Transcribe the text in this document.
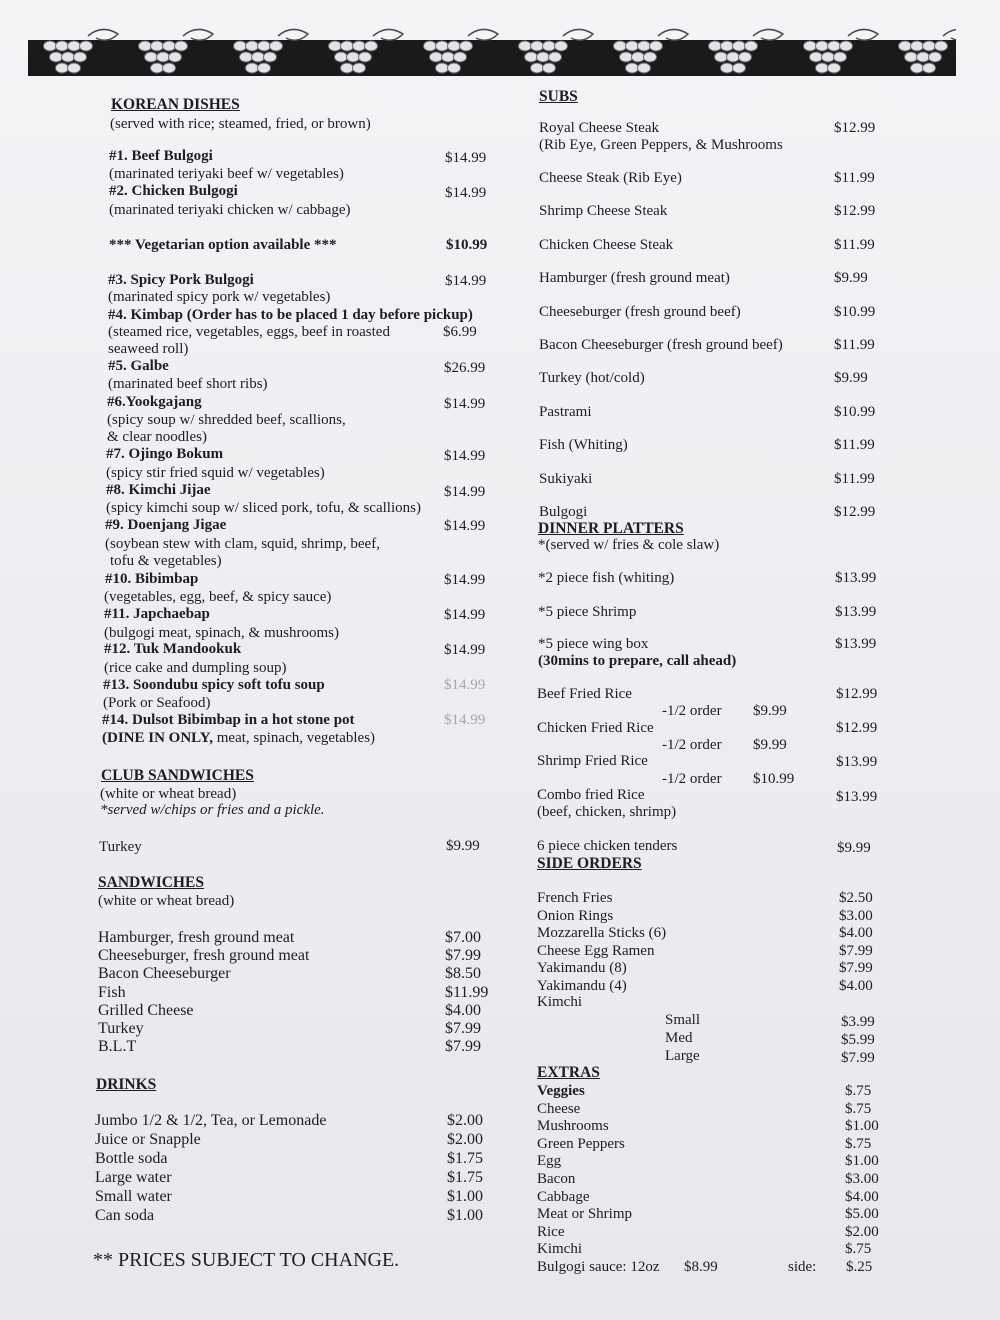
KOREAN DISHES
(served with rice; steamed, fried, or brown)
#1. Beef Bulgogi	$14.99
(marinated teriyaki beef w/ vegetables)
#2. Chicken Bulgogi	$14.99
(marinated teriyaki chicken w/ cabbage)
*** Vegetarian option available ***	$10.99
#3. Spicy Pork Bulgogi	$14.99
(marinated spicy pork w/ vegetables)
#4. Kimbap (Order has to be placed 1 day before pickup)
(steamed rice, vegetables, eggs, beef in roasted	$6.99
seaweed roll)
#5. Galbe	$26.99
(marinated beef short ribs)
#6.Yookgajang	$14.99
(spicy soup w/ shredded beef, scallions,
& clear noodles)
#7. Ojingo Bokum	$14.99
(spicy stir fried squid w/ vegetables)
#8. Kimchi Jijae	$14.99
(spicy kimchi soup w/ sliced pork, tofu, & scallions)
#9. Doenjang Jigae	$14.99
(soybean stew with clam, squid, shrimp, beef,
tofu & vegetables)
#10. Bibimbap	$14.99
(vegetables, egg, beef, & spicy sauce)
#11. Japchaebap	$14.99
(bulgogi meat, spinach, & mushrooms)
#12. Tuk Mandookuk	$14.99
(rice cake and dumpling soup)
#13. Soondubu spicy soft tofu soup	$14.99
(Pork or Seafood)
#14. Dulsot Bibimbap in a hot stone pot	$14.99
(DINE IN ONLY, meat, spinach, vegetables)
CLUB SANDWICHES
(white or wheat bread)
*served w/chips or fries and a pickle.
Turkey	$9.99
SANDWICHES
(white or wheat bread)
Hamburger, fresh ground meat	$7.00
Cheeseburger, fresh ground meat	$7.99
Bacon Cheeseburger	$8.50
Fish	$11.99
Grilled Cheese	$4.00
Turkey	$7.99
B.L.T	$7.99
DRINKS
Jumbo 1/2 & 1/2, Tea, or Lemonade	$2.00
Juice or Snapple	$2.00
Bottle soda	$1.75
Large water	$1.75
Small water	$1.00
Can soda	$1.00
** PRICES SUBJECT TO CHANGE.
SUBS
Royal Cheese Steak	$12.99
(Rib Eye, Green Peppers, & Mushrooms
Cheese Steak (Rib Eye)	$11.99
Shrimp Cheese Steak	$12.99
Chicken Cheese Steak	$11.99
Hamburger (fresh ground meat)	$9.99
Cheeseburger (fresh ground beef)	$10.99
Bacon Cheeseburger (fresh ground beef)	$11.99
Turkey (hot/cold)	$9.99
Pastrami	$10.99
Fish (Whiting)	$11.99
Sukiyaki	$11.99
Bulgogi	$12.99
DINNER PLATTERS
*(served w/ fries & cole slaw)
*2 piece fish (whiting)	$13.99
*5 piece Shrimp	$13.99
*5 piece wing box	$13.99
(30mins to prepare, call ahead)
Beef Fried Rice	$12.99
-1/2 order $9.99
Chicken Fried Rice	$12.99
-1/2 order $9.99
Shrimp Fried Rice	$13.99
-1/2 order $10.99
Combo fried Rice	$13.99
(beef, chicken, shrimp)
6 piece chicken tenders	$9.99
SIDE ORDERS
French Fries	$2.50
Onion Rings	$3.00
Mozzarella Sticks (6)	$4.00
Cheese Egg Ramen	$7.99
Yakimandu (8)	$7.99
Yakimandu (4)	$4.00
Kimchi
Small	$3.99
Med	$5.99
Large	$7.99
EXTRAS
Veggies	$.75
Cheese	$.75
Mushrooms	$1.00
Green Peppers	$.75
Egg	$1.00
Bacon	$3.00
Cabbage	$4.00
Meat or Shrimp	$5.00
Rice	$2.00
Kimchi	$.75
Bulgogi sauce: 12oz $8.99	side: $.25
